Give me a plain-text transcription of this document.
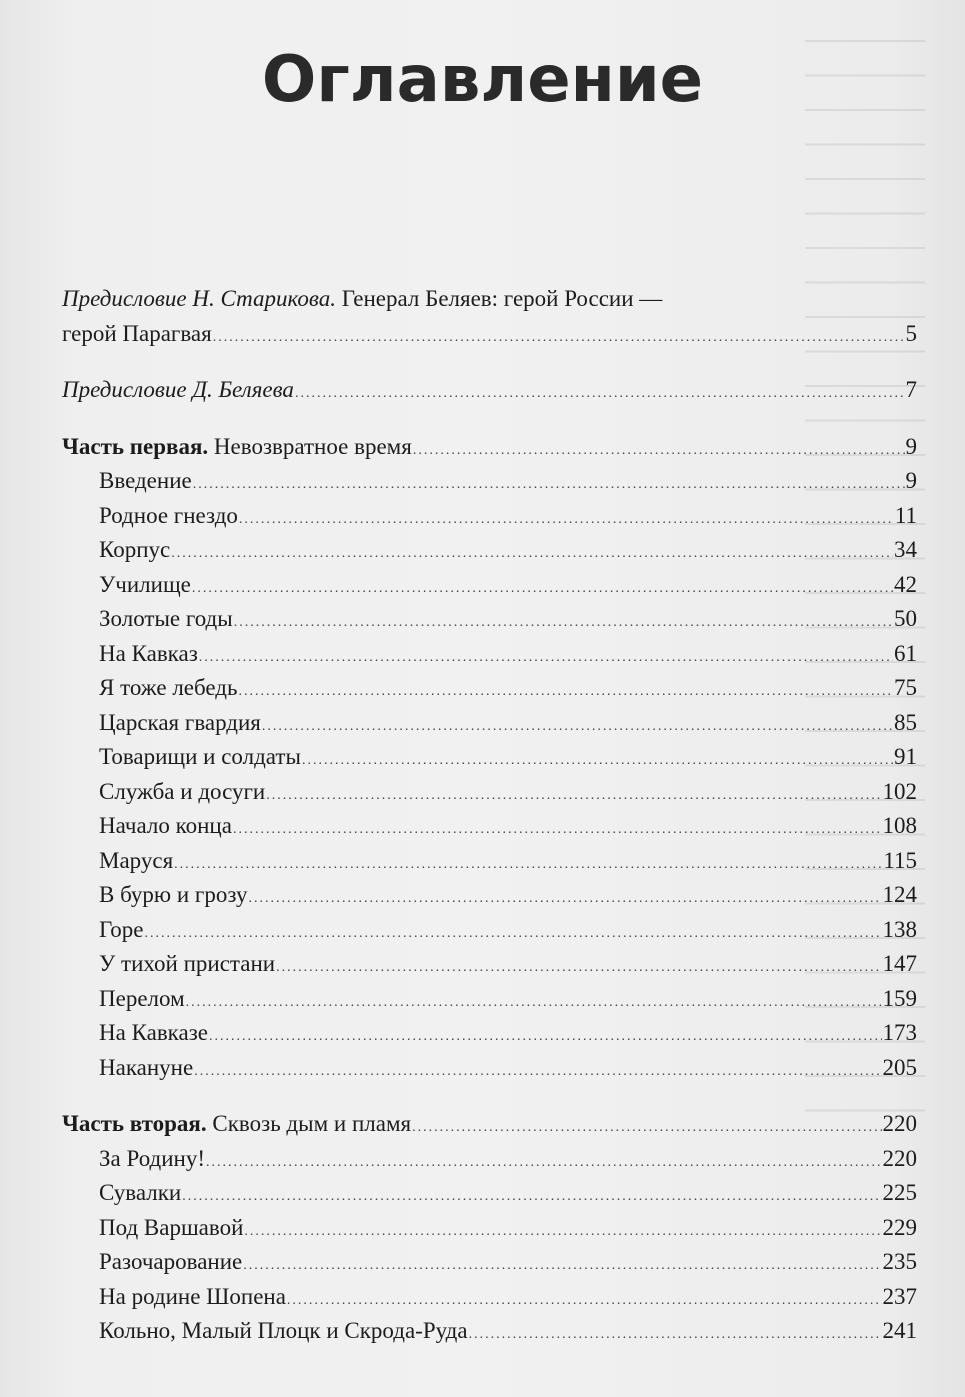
Оглавление
Предисловие Н. Старикова. Генерал Беляев: герой России —
герой Парагвая .....	5
Предисловие Д. Беляева .....	7
Часть первая. Невозвратное время .....	9
Введение .....	9
Родное гнездо .....	11
Корпус .....	34
Училище .....	42
Золотые годы .....	50
На Кавказ .....	61
Я тоже лебедь .....	75
Царская гвардия .....	85
Товарищи и солдаты .....	91
Служба и досуги .....	102
Начало конца .....	108
Маруся .....	115
В бурю и грозу .....	124
Горе .....	138
У тихой пристани .....	147
Перелом .....	159
На Кавказе .....	173
Накануне .....	205
Часть вторая. Сквозь дым и пламя .....	220
За Родину! .....	220
Сувалки .....	225
Под Варшавой .....	229
Разочарование .....	235
На родине Шопена .....	237
Кольно, Малый Плоцк и Скрода-Руда .....	241
